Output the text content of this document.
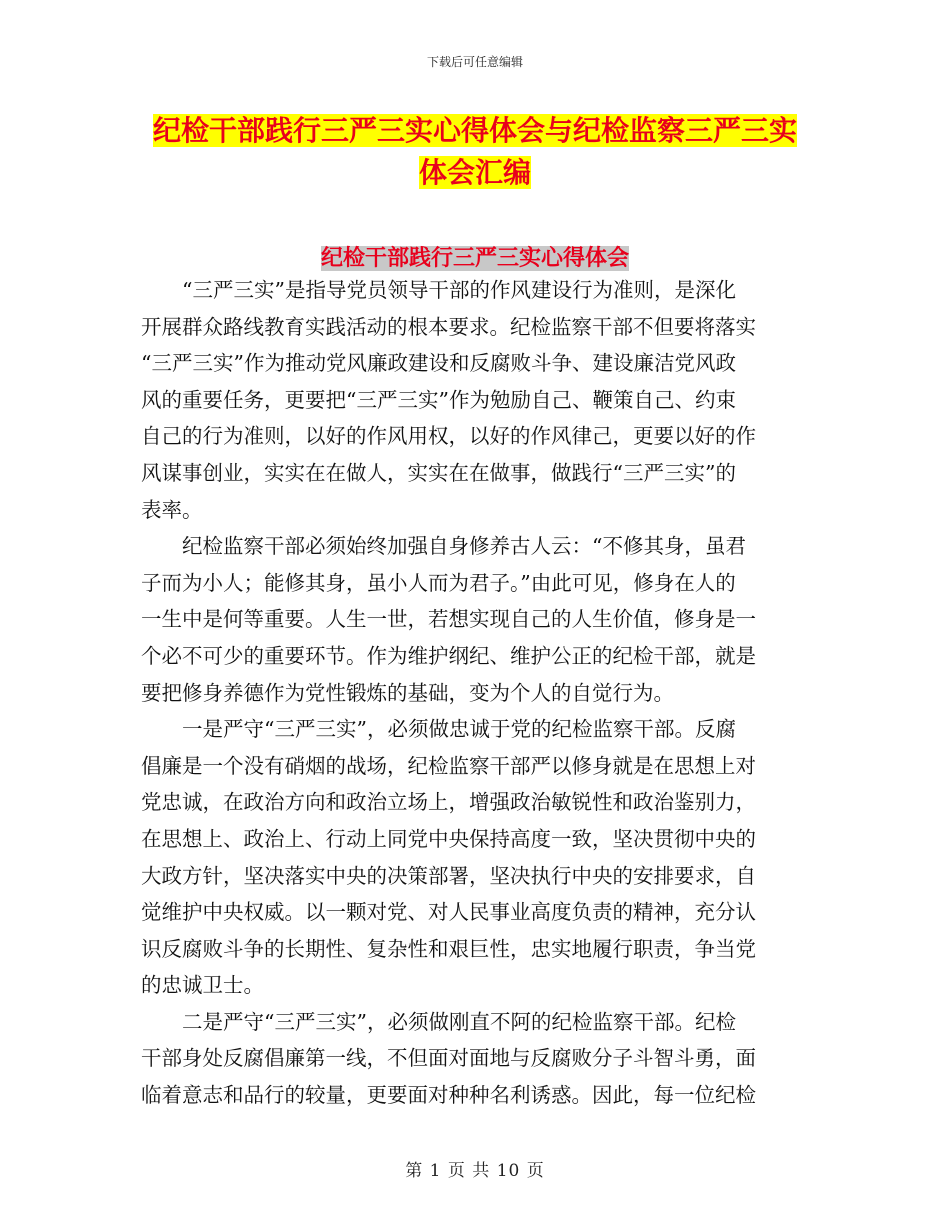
下载后可任意编辑
纪检干部践行三严三实心得体会与纪检监察三严三实
体会汇编
纪检干部践行三严三实心得体会

　　“三严三实”是指导党员领导干部的作风建设行为准则，是深化
开展群众路线教育实践活动的根本要求。纪检监察干部不但要将落实
“三严三实”作为推动党风廉政建设和反腐败斗争、建设廉洁党风政
风的重要任务，更要把“三严三实”作为勉励自己、鞭策自己、约束
自己的行为准则，以好的作风用权，以好的作风律己，更要以好的作
风谋事创业，实实在在做人，实实在在做事，做践行“三严三实”的
表率。

　　纪检监察干部必须始终加强自身修养古人云：“不修其身，虽君
子而为小人；能修其身，虽小人而为君子。”由此可见，修身在人的
一生中是何等重要。人生一世，若想实现自己的人生价值，修身是一
个必不可少的重要环节。作为维护纲纪、维护公正的纪检干部，就是
要把修身养德作为党性锻炼的基础，变为个人的自觉行为。

　　一是严守“三严三实”，必须做忠诚于党的纪检监察干部。反腐
倡廉是一个没有硝烟的战场，纪检监察干部严以修身就是在思想上对
党忠诚，在政治方向和政治立场上，增强政治敏锐性和政治鉴别力，
在思想上、政治上、行动上同党中央保持高度一致，坚决贯彻中央的
大政方针，坚决落实中央的决策部署，坚决执行中央的安排要求，自
觉维护中央权威。以一颗对党、对人民事业高度负责的精神，充分认
识反腐败斗争的长期性、复杂性和艰巨性，忠实地履行职责，争当党
的忠诚卫士。

　　二是严守“三严三实”，必须做刚直不阿的纪检监察干部。纪检
干部身处反腐倡廉第一线，不但面对面地与反腐败分子斗智斗勇，面
临着意志和品行的较量，更要面对种种名利诱惑。因此，每一位纪检

第 1 页 共 10 页
